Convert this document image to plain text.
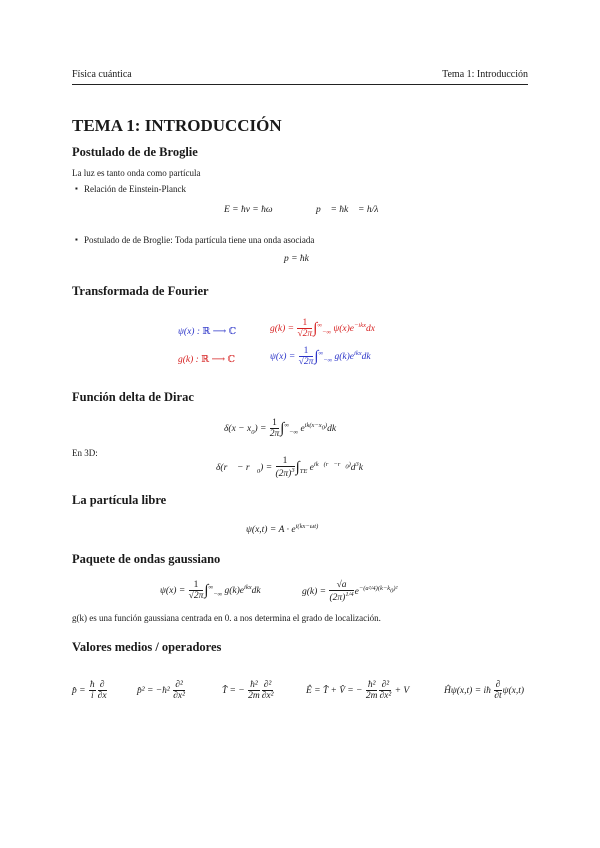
Física cuántica	Tema 1: Introducción
TEMA 1: INTRODUCCIÓN
Postulado de de Broglie
La luz es tanto onda como partícula
▪ Relación de Einstein-Planck
E = ħν = ħω	p⃗ = ħk⃗ = h/λ
▪ Postulado de de Broglie: Toda partícula tiene una onda asociada
p = ħk
Transformada de Fourier
ψ(x) : ℝ ⟶ ℂ	$g(k) = \frac{1}{√2\pi} \int^\infty_{-\infty}$ $\psi(x)e^{-ikx}dx$
g(k) : ℝ ⟶ ℂ	$\psi(x) = \frac{1}{√2\pi} \int^\infty_{-\infty}$ $g(k)e^{ikx}dk$
Función delta de Dirac
$\delta(x - x_0) = \frac{1}{2\pi} \int^\infty_{-\infty}$ $e^{ik(x-x_0)}dk$
En 3D:
δ(r⃗ − $r⃗_0) = \frac{1}{(2\pi)^3} \int_{TE}$ $e^{ik⃗(r⃗-r⃗_0)}d^3k⃗$
La partícula libre
$\psi(x,t) = A \cdot e^{i(kx-\omega t)}$
Paquete de ondas gaussiano
$\psi(x) = \frac{1}{√2\pi} \int^\infty_{-\infty}$ $g(k)e^{ikx}dk$	$g(k) = \frac{√a}{(2\pi)^{1/4}} e^{-(a^2/4)(k-k_0)^2}$
g(k) es una función gaussiana centrada en 0. a nos determina el grado de localización.
Valores medios / operadores
p̂ = $\frac{ħ}{i} \frac{\partial}{\partial x}$	p̂² = −ħ² $\frac{\text{∂²}}{\text{∂x²}}$	T̂ = − $\frac{\text{ħ²}}{2m} \frac{\text{∂²}}{\text{∂x²}}$	Ê = T̂ + V̂ = − $\frac{\text{ħ²}}{2m} \frac{\text{∂²}}{\text{∂x²}} + V$	Ĥψ(x,t) = iħ $\frac{\partial}{\partial t} \psi(x,t)$
